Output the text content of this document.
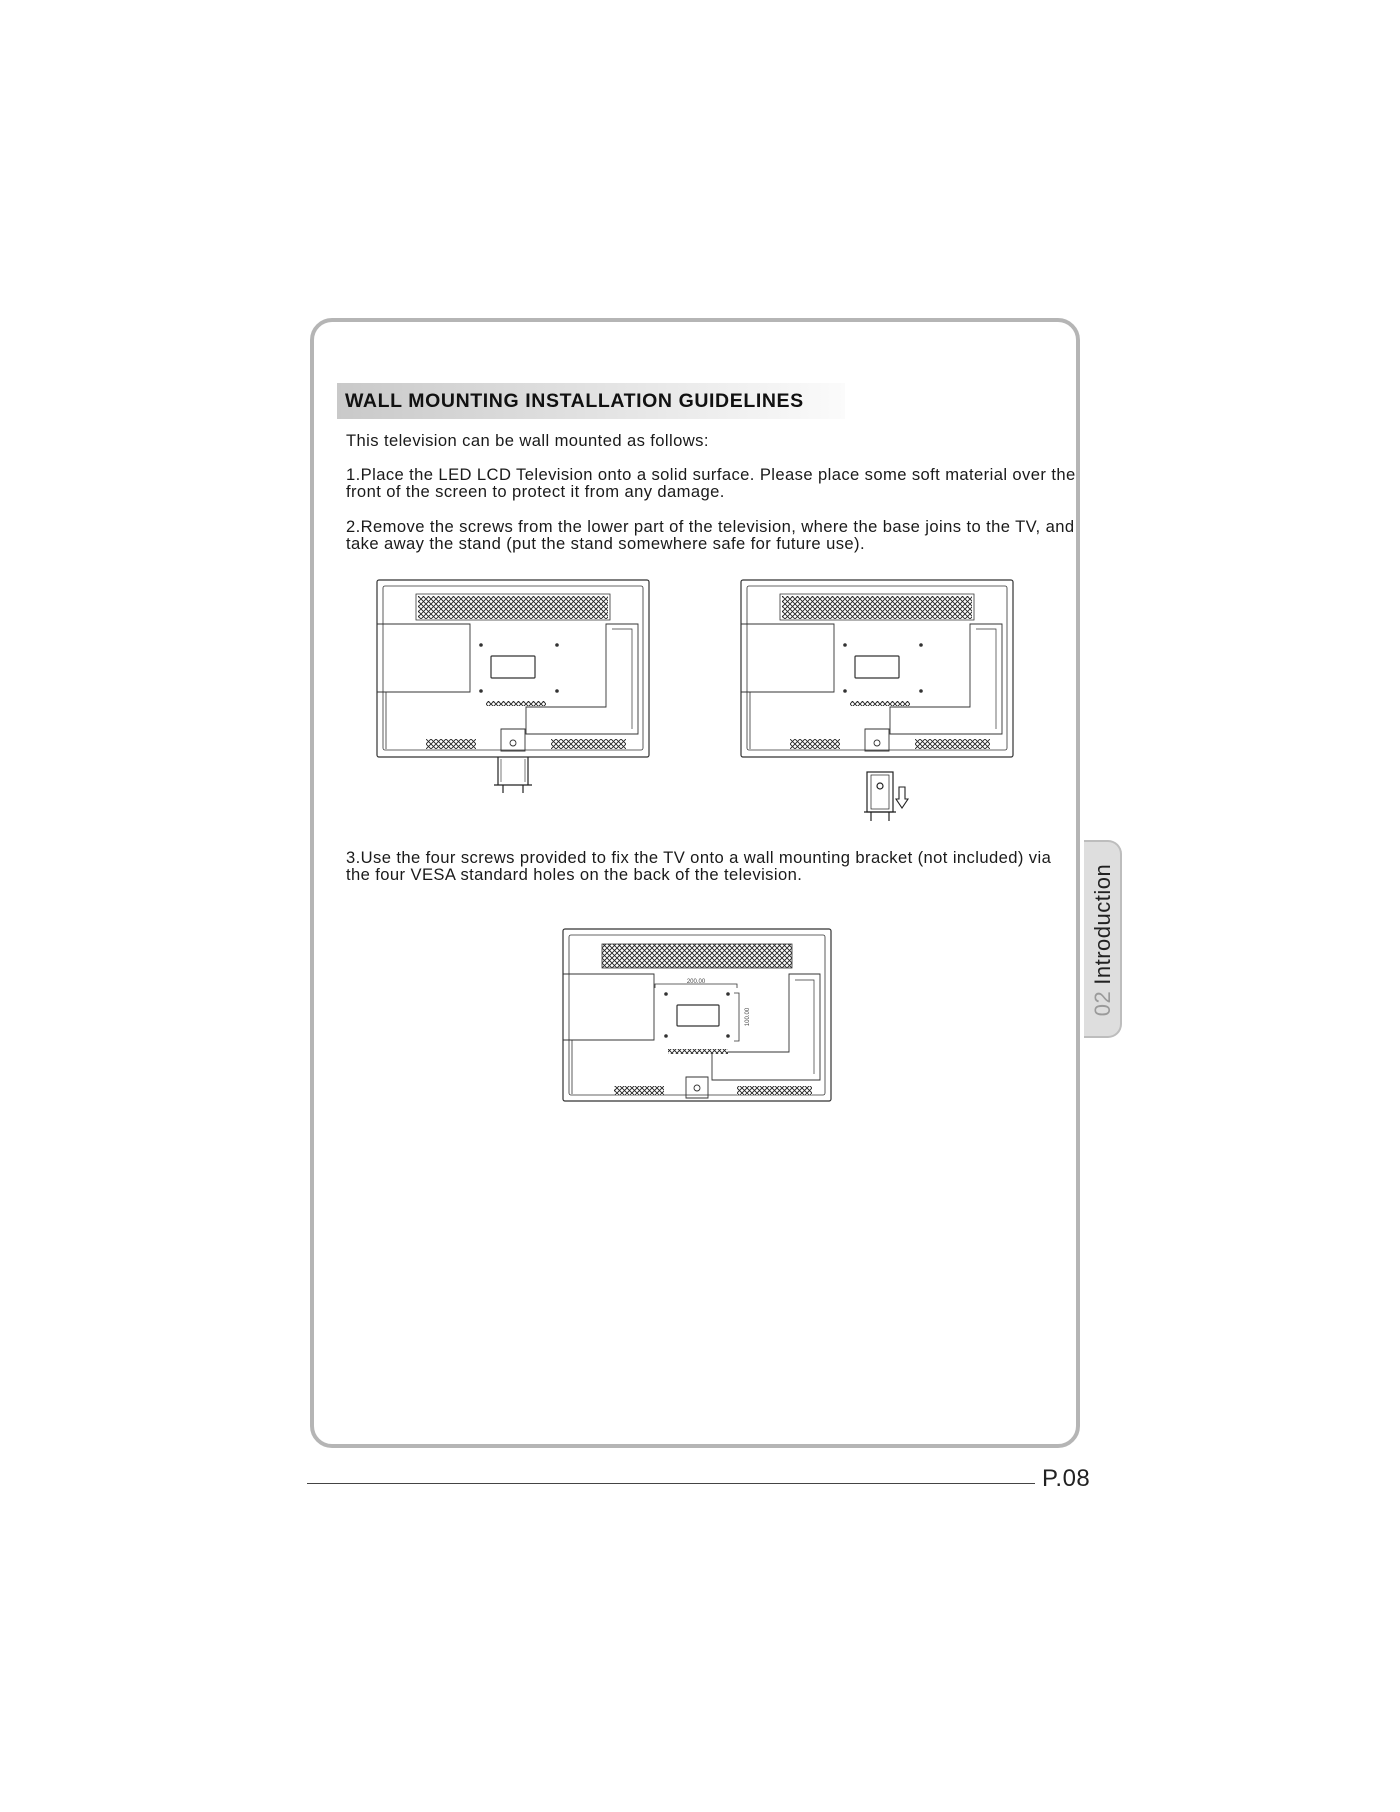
WALL MOUNTING INSTALLATION GUIDELINES

This television can be wall mounted as follows:

1.Place the LED LCD Television onto a solid surface. Please place some soft material over the front of the screen to protect it from any damage.

2.Remove the screws from the lower part of the television, where the base joins to the TV, and take away the stand (put the stand somewhere safe for future use).

3.Use the four screws provided to fix the TV onto a wall mounting bracket (not included) via the four VESA standard holes on the back of the television.

200.00
100.00
02Introduction
P.08
